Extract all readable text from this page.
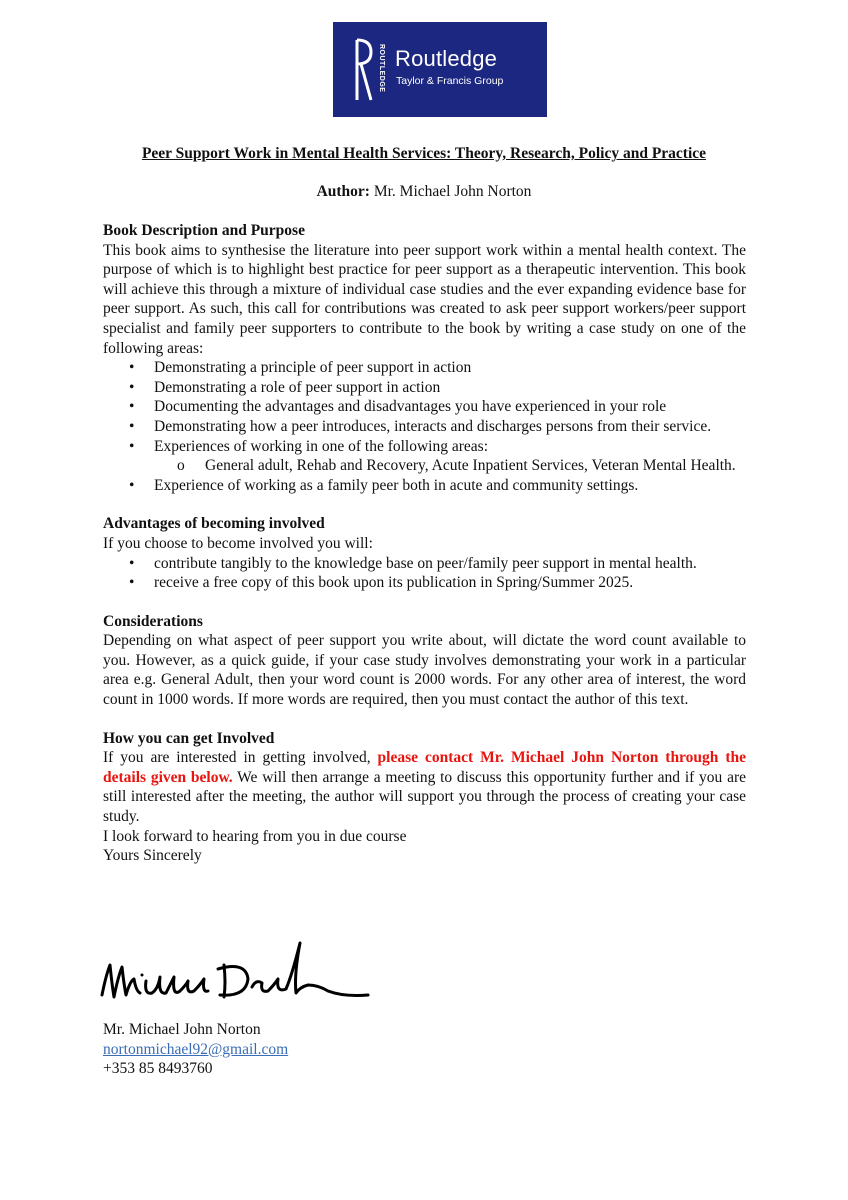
ROUTLEDGE Routledge
Taylor & Francis Group
Peer Support Work in Mental Health Services: Theory, Research, Policy and Practice
Author: Mr. Michael John Norton
Book Description and Purpose

This book aims to synthesise the literature into peer support work within a mental health context. The purpose of which is to highlight best practice for peer support as a therapeutic intervention. This book will achieve this through a mixture of individual case studies and the ever expanding evidence base for peer support. As such, this call for contributions was created to ask peer support workers/peer support specialist and family peer supporters to contribute to the book by writing a case study on one of the following areas:

• Demonstrating a principle of peer support in action
• Demonstrating a role of peer support in action
• Documenting the advantages and disadvantages you have experienced in your role
• Demonstrating how a peer introduces, interacts and discharges persons from their service.
• Experiences of working in one of the following areas:
o General adult, Rehab and Recovery, Acute Inpatient Services, Veteran Mental Health.
• Experience of working as a family peer both in acute and community settings.
Advantages of becoming involved

If you choose to become involved you will:

• contribute tangibly to the knowledge base on peer/family peer support in mental health.
• receive a free copy of this book upon its publication in Spring/Summer 2025.
Considerations

Depending on what aspect of peer support you write about, will dictate the word count available to you. However, as a quick guide, if your case study involves demonstrating your work in a particular area e.g. General Adult, then your word count is 2000 words. For any other area of interest, the word count in 1000 words. If more words are required, then you must contact the author of this text.

How you can get Involved

If you are interested in getting involved, please contact Mr. Michael John Norton through the details given below. We will then arrange a meeting to discuss this opportunity further and if you are still interested after the meeting, the author will support you through the process of creating your case study.

I look forward to hearing from you in due course

Yours Sincerely

Mr. Michael John Norton
nortonmichael92@gmail.com
+353 85 8493760
